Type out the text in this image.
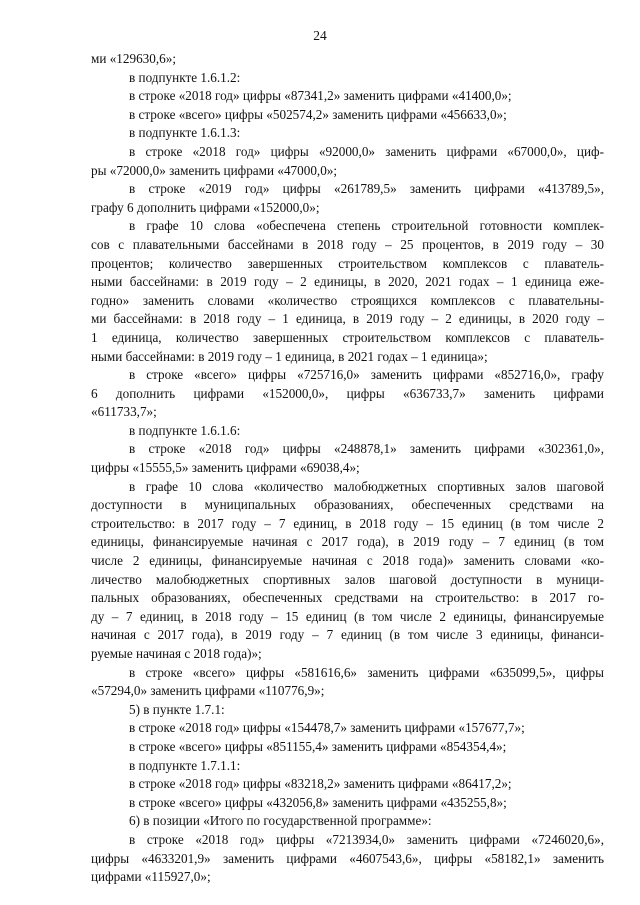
24
ми «129630,6»;
в подпункте 1.6.1.2:
в строке «2018 год» цифры «87341,2» заменить цифрами «41400,0»;
в строке «всего» цифры «502574,2» заменить цифрами «456633,0»;
в подпункте 1.6.1.3:
в строке «2018 год» цифры «92000,0» заменить цифрами «67000,0», циф-
ры «72000,0» заменить цифрами «47000,0»;
в строке «2019 год» цифры «261789,5» заменить цифрами «413789,5»,
графу 6 дополнить цифрами «152000,0»;
в графе 10 слова «обеспечена степень строительной готовности комплек-
сов с плавательными бассейнами в 2018 году – 25 процентов, в 2019 году – 30
процентов; количество завершенных строительством комплексов с плаватель-
ными бассейнами: в 2019 году – 2 единицы, в 2020, 2021 годах – 1 единица еже-
годно» заменить словами «количество строящихся комплексов с плавательны-
ми бассейнами: в 2018 году – 1 единица, в 2019 году – 2 единицы, в 2020 году –
1 единица, количество завершенных строительством комплексов с плаватель-
ными бассейнами: в 2019 году – 1 единица, в 2021 годах – 1 единица»;
в строке «всего» цифры «725716,0» заменить цифрами «852716,0», графу
6 дополнить цифрами «152000,0», цифры «636733,7» заменить цифрами
«611733,7»;
в подпункте 1.6.1.6:
в строке «2018 год» цифры «248878,1» заменить цифрами «302361,0»,
цифры «15555,5» заменить цифрами «69038,4»;
в графе 10 слова «количество малобюджетных спортивных залов шаговой
доступности в муниципальных образованиях, обеспеченных средствами на
строительство: в 2017 году – 7 единиц, в 2018 году – 15 единиц (в том числе 2
единицы, финансируемые начиная с 2017 года), в 2019 году – 7 единиц (в том
числе 2 единицы, финансируемые начиная с 2018 года)» заменить словами «ко-
личество малобюджетных спортивных залов шаговой доступности в муници-
пальных образованиях, обеспеченных средствами на строительство: в 2017 го-
ду – 7 единиц, в 2018 году – 15 единиц (в том числе 2 единицы, финансируемые
начиная с 2017 года), в 2019 году – 7 единиц (в том числе 3 единицы, финанси-
руемые начиная с 2018 года)»;
в строке «всего» цифры «581616,6» заменить цифрами «635099,5», цифры
«57294,0» заменить цифрами «110776,9»;
5) в пункте 1.7.1:
в строке «2018 год» цифры «154478,7» заменить цифрами «157677,7»;
в строке «всего» цифры «851155,4» заменить цифрами «854354,4»;
в подпункте 1.7.1.1:
в строке «2018 год» цифры «83218,2» заменить цифрами «86417,2»;
в строке «всего» цифры «432056,8» заменить цифрами «435255,8»;
6) в позиции «Итого по государственной программе»:
в строке «2018 год» цифры «7213934,0» заменить цифрами «7246020,6»,
цифры «4633201,9» заменить цифрами «4607543,6», цифры «58182,1» заменить
цифрами «115927,0»;
